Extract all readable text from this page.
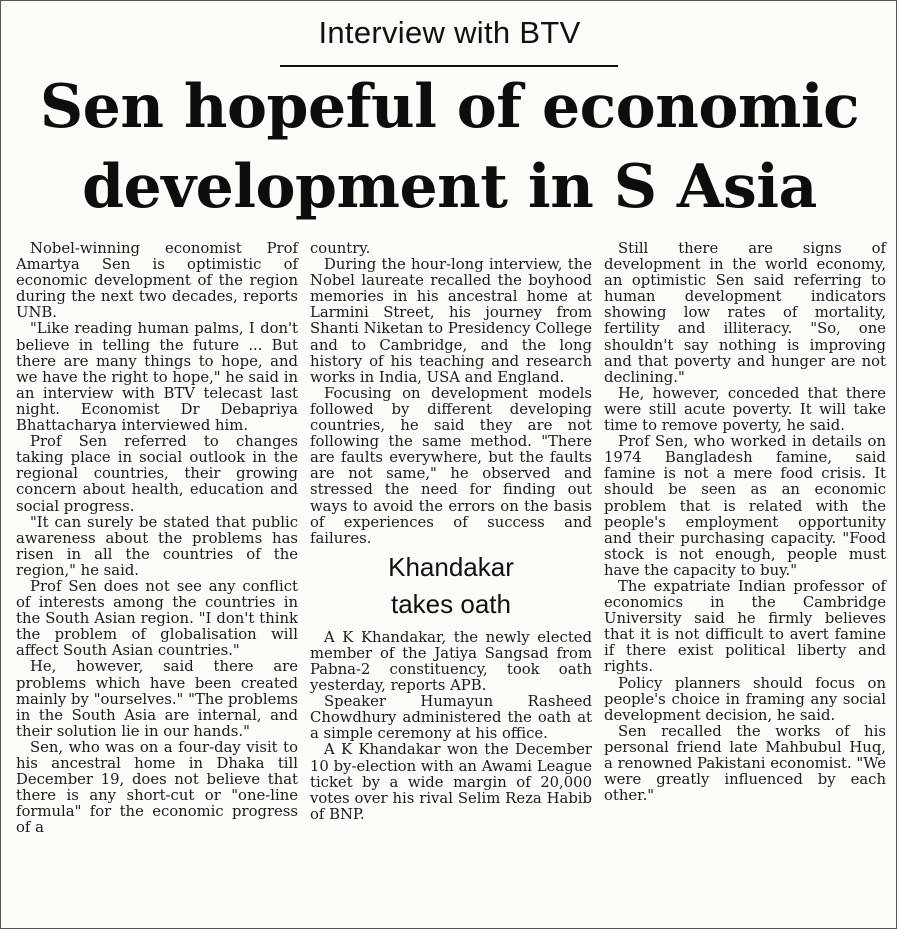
Interview with BTV
Sen hopeful of economic
development in S Asia

Nobel-winning economist Prof Amartya Sen is optimistic of economic development of the region during the next two decades, reports UNB.

"Like reading human palms, I don't believe in telling the future ... But there are many things to hope, and we have the right to hope," he said in an interview with BTV telecast last night. Economist Dr Debapriya Bhattacharya interviewed him.

Prof Sen referred to changes taking place in social outlook in the regional countries, their growing concern about health, education and social progress.

"It can surely be stated that public awareness about the problems has risen in all the countries of the region," he said.

Prof Sen does not see any conflict of interests among the countries in the South Asian region. "I don't think the problem of globalisation will affect South Asian countries."

He, however, said there are problems which have been created mainly by "ourselves." "The problems in the South Asia are internal, and their solution lie in our hands."

Sen, who was on a four-day visit to his ancestral home in Dhaka till December 19, does not believe that there is any short-cut or "one-line formula" for the economic progress of a

country.

During the hour-long interview, the Nobel laureate recalled the boyhood memories in his ancestral home at Larmini Street, his journey from Shanti Niketan to Presidency College and to Cambridge, and the long history of his teaching and research works in India, USA and England.

Focusing on development models followed by different developing countries, he said they are not following the same method. "There are faults everywhere, but the faults are not same," he observed and stressed the need for finding out ways to avoid the errors on the basis of experiences of success and failures.

Khandakar
takes oath

A K Khandakar, the newly elected member of the Jatiya Sangsad from Pabna-2 constituency, took oath yesterday, reports APB.

Speaker Humayun Rasheed Chowdhury administered the oath at a simple ceremony at his office.

A K Khandakar won the December 10 by-election with an Awami League ticket by a wide margin of 20,000 votes over his rival Selim Reza Habib of BNP.

Still there are signs of development in the world economy, an optimistic Sen said referring to human development indicators showing low rates of mortality, fertility and illiteracy. "So, one shouldn't say nothing is improving and that poverty and hunger are not declining."

He, however, conceded that there were still acute poverty. It will take time to remove poverty, he said.

Prof Sen, who worked in details on 1974 Bangladesh famine, said famine is not a mere food crisis. It should be seen as an economic problem that is related with the people's employment opportunity and their purchasing capacity. "Food stock is not enough, people must have the capacity to buy."

The expatriate Indian professor of economics in the Cambridge University said he firmly believes that it is not difficult to avert famine if there exist political liberty and rights.

Policy planners should focus on people's choice in framing any social development decision, he said.

Sen recalled the works of his personal friend late Mahbubul Huq, a renowned Pakistani economist. "We were greatly influenced by each other."
